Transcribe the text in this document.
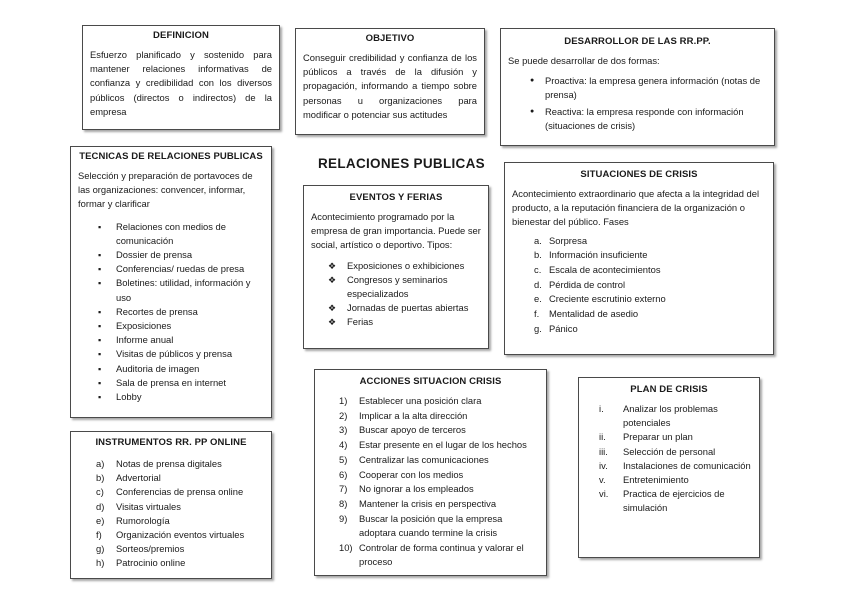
DEFINICION

Esfuerzo planificado y sostenido para mantener relaciones informativas de confianza y credibilidad con los diversos públicos (directos o indirectos) de la empresa

OBJETIVO

Conseguir credibilidad y confianza de los públicos a través de la difusión y propagación, informando a tiempo sobre personas u organizaciones para modificar o potenciar sus actitudes

DESARROLLOR DE LAS RR.PP.

Se puede desarrollar de dos formas:

● Proactiva: la empresa genera información (notas de prensa)
● Reactiva: la empresa responde con información (situaciones de crisis)
TECNICAS DE RELACIONES PUBLICAS

Selección y preparación de portavoces de las organizaciones: convencer, informar, formar y clarificar

▪ Relaciones con medios de comunicación
▪ Dossier de prensa
▪ Conferencias/ ruedas de presa
▪ Boletines: utilidad, información y uso
▪ Recortes de prensa
▪ Exposiciones
▪ Informe anual
▪ Visitas de públicos y prensa
▪ Auditoria de imagen
▪ Sala de prensa en internet
▪ Lobby
RELACIONES PUBLICAS
EVENTOS Y FERIAS

Acontecimiento programado por la empresa de gran importancia. Puede ser social, artístico o deportivo. Tipos:

❖ Exposiciones o exhibiciones
❖ Congresos y seminarios especializados
❖ Jornadas de puertas abiertas
❖ Ferias
SITUACIONES DE CRISIS

Acontecimiento extraordinario que afecta a la integridad del producto, a la reputación financiera de la organización o bienestar del público. Fases

a. Sorpresa
b. Información insuficiente
c. Escala de acontecimientos
d. Pérdida de control
e. Creciente escrutinio externo
f. Mentalidad de asedio
g. Pánico
INSTRUMENTOS RR. PP ONLINE
a) Notas de prensa digitales
b) Advertorial
c) Conferencias de prensa online
d) Visitas virtuales
e) Rumorología
f) Organización eventos virtuales
g) Sorteos/premios
h) Patrocinio online
ACCIONES SITUACION CRISIS
1) Establecer una posición clara
2) Implicar a la alta dirección
3) Buscar apoyo de terceros
4) Estar presente en el lugar de los hechos
5) Centralizar las comunicaciones
6) Cooperar con los medios
7) No ignorar a los empleados
8) Mantener la crisis en perspectiva
9) Buscar la posición que la empresa adoptara cuando termine la crisis
10) Controlar de forma continua y valorar el proceso
PLAN DE CRISIS
i. Analizar los problemas potenciales
ii. Preparar un plan
iii. Selección de personal
iv. Instalaciones de comunicación
v. Entretenimiento
vi. Practica de ejercicios de simulación
